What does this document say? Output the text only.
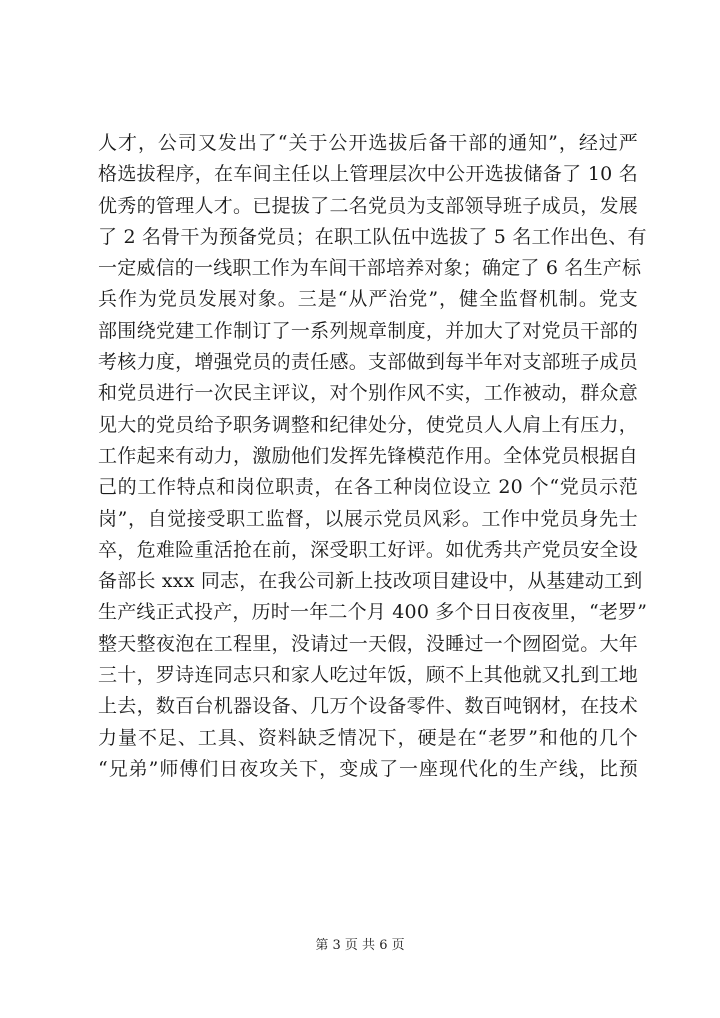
人才，公司又发出了“关于公开选拔后备干部的通知”，经过严
格选拔程序，在车间主任以上管理层次中公开选拔储备了 10 名
优秀的管理人才。已提拔了二名党员为支部领导班子成员，发展
了 2 名骨干为预备党员；在职工队伍中选拔了 5 名工作出色、有
一定威信的一线职工作为车间干部培养对象；确定了 6 名生产标
兵作为党员发展对象。三是“从严治党”，健全监督机制。党支
部围绕党建工作制订了一系列规章制度，并加大了对党员干部的
考核力度，增强党员的责任感。支部做到每半年对支部班子成员
和党员进行一次民主评议，对个别作风不实，工作被动，群众意
见大的党员给予职务调整和纪律处分，使党员人人肩上有压力，
工作起来有动力，激励他们发挥先锋模范作用。全体党员根据自
己的工作特点和岗位职责，在各工种岗位设立 20 个“党员示范
岗”，自觉接受职工监督，以展示党员风彩。工作中党员身先士
卒，危难险重活抢在前，深受职工好评。如优秀共产党员安全设
备部长 xxx 同志，在我公司新上技改项目建设中，从基建动工到
生产线正式投产，历时一年二个月 400 多个日日夜夜里，“老罗”
整天整夜泡在工程里，没请过一天假，没睡过一个囫囵觉。大年
三十，罗诗连同志只和家人吃过年饭，顾不上其他就又扎到工地
上去，数百台机器设备、几万个设备零件、数百吨钢材，在技术
力量不足、工具、资料缺乏情况下，硬是在“老罗”和他的几个
“兄弟”师傅们日夜攻关下，变成了一座现代化的生产线，比预
第 3 页 共 6 页
